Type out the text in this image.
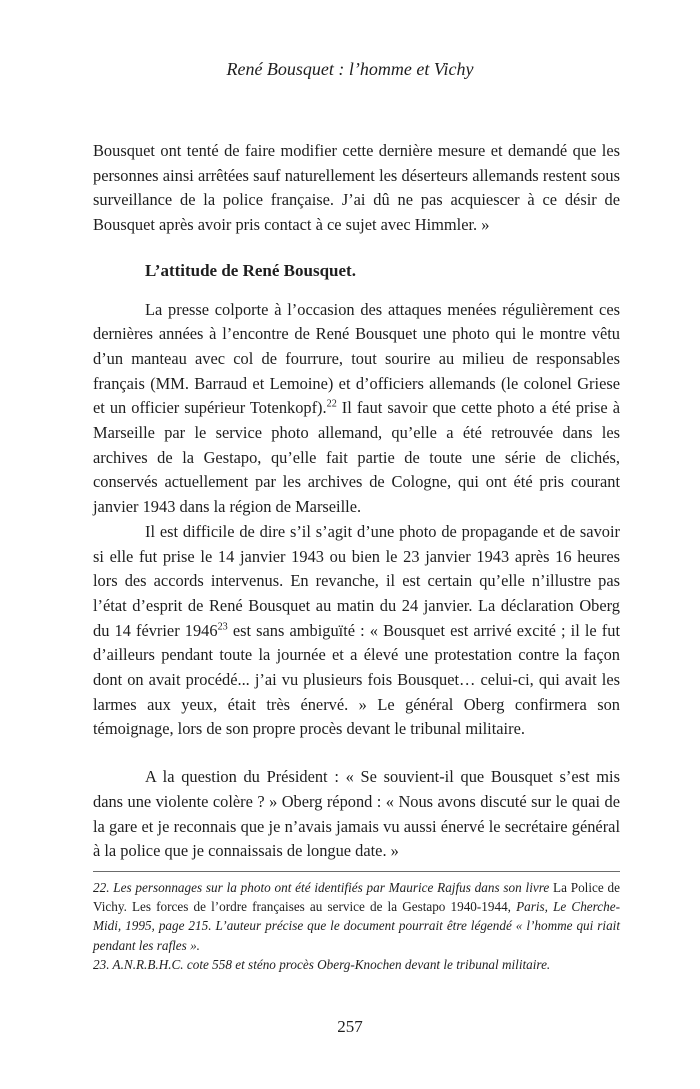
René Bousquet : l’homme et Vichy

Bousquet ont tenté de faire modifier cette dernière mesure et demandé que les personnes ainsi arrêtées sauf naturellement les déserteurs allemands restent sous surveillance de la police française. J’ai dû ne pas acquiescer à ce désir de Bousquet après avoir pris contact à ce sujet avec Himmler. »

L’attitude de René Bousquet.

La presse colporte à l’occasion des attaques menées régulièrement ces dernières années à l’encontre de René Bousquet une photo qui le montre vêtu d’un manteau avec col de fourrure, tout sourire au milieu de responsables français (MM. Barraud et Lemoine) et d’officiers allemands (le colonel Griese et un officier supérieur Totenkopf).$^{22}$ Il faut savoir que cette photo a été prise à Marseille par le service photo allemand, qu’elle a été retrouvée dans les archives de la Gestapo, qu’elle fait partie de toute une série de clichés, conservés actuellement par les archives de Cologne, qui ont été pris courant janvier 1943 dans la région de Marseille.

Il est difficile de dire s’il s’agit d’une photo de propagande et de savoir si elle fut prise le 14 janvier 1943 ou bien le 23 janvier 1943 après 16 heures lors des accords intervenus. En revanche, il est certain qu’elle n’illustre pas l’état d’esprit de René Bousquet au matin du 24 janvier. La déclaration Oberg du 14 février 1946$^{23}$ est sans ambiguïté : « Bousquet est arrivé excité ; il le fut d’ailleurs pendant toute la journée et a élevé une protestation contre la façon dont on avait procédé... j’ai vu plusieurs fois Bousquet… celui-ci, qui avait les larmes aux yeux, était très énervé. » Le général Oberg confirmera son témoignage, lors de son propre procès devant le tribunal militaire.

A la question du Président : « Se souvient-il que Bousquet s’est mis dans une violente colère ? » Oberg répond : « Nous avons discuté sur le quai de la gare et je reconnais que je n’avais jamais vu aussi énervé le secrétaire général à la police que je connaissais de longue date. »

22. Les personnages sur la photo ont été identifiés par Maurice Rajfus dans son livre La Police de Vichy. Les forces de l’ordre françaises au service de la Gestapo 1940-1944, Paris, Le Cherche-Midi, 1995, page 215. L’auteur précise que le document pourrait être légendé « l’homme qui riait pendant les rafles ».

23. A.N.R.B.H.C. cote 558 et sténo procès Oberg-Knochen devant le tribunal militaire.

257
